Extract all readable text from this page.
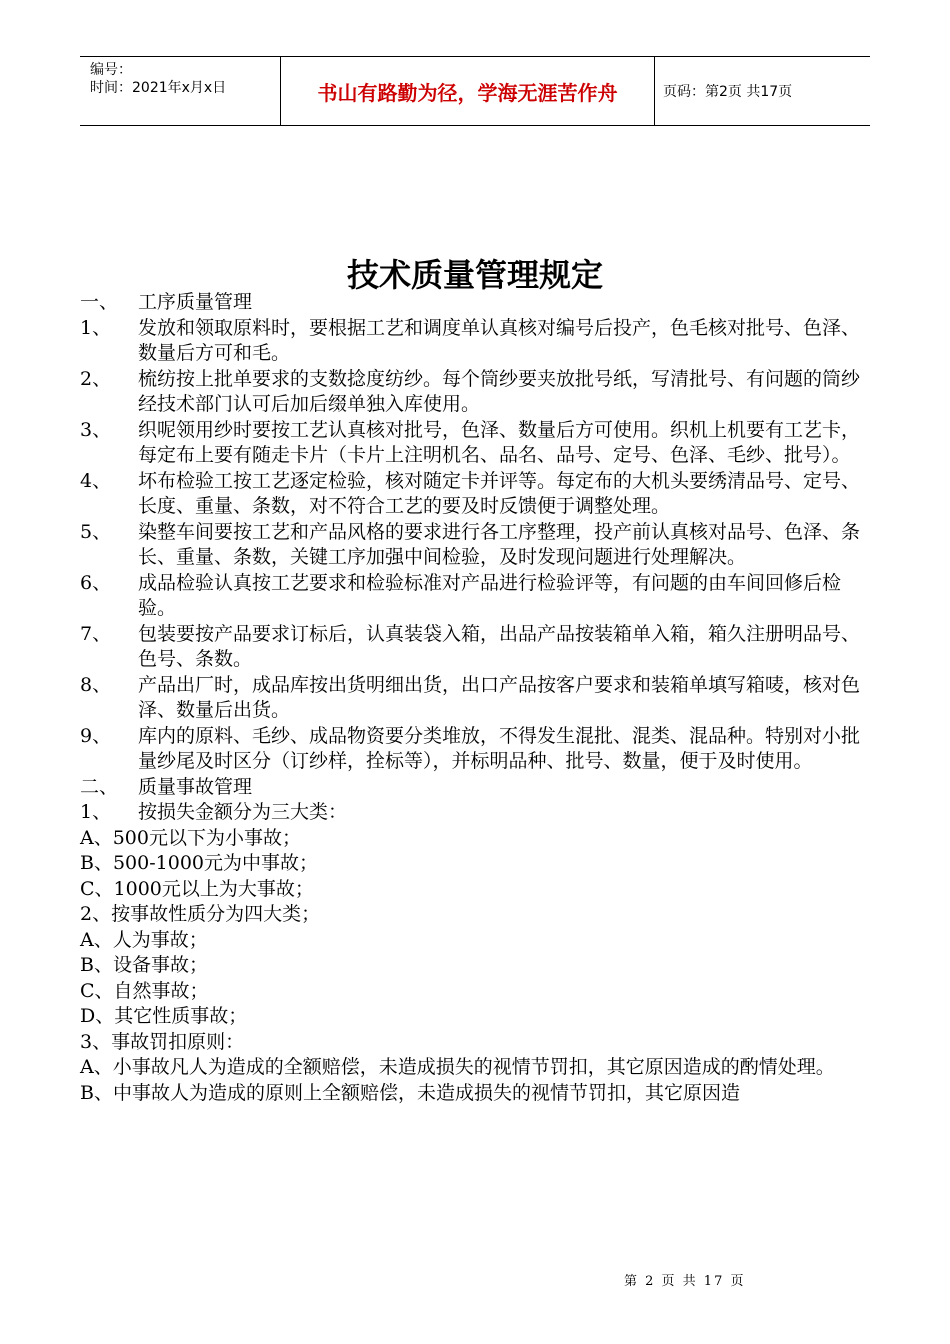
编号：
时间：2021年x月x日	书山有路勤为径，学海无涯苦作舟	页码：第2页 共17页
技术质量管理规定
一、	工序质量管理
1、	发放和领取原料时，要根据工艺和调度单认真核对编号后投产，色毛核对批号、色泽、数量后方可和毛。
2、	梳纺按上批单要求的支数捻度纺纱。每个筒纱要夹放批号纸，写清批号、有问题的筒纱经技术部门认可后加后缀单独入库使用。
3、	织呢领用纱时要按工艺认真核对批号，色泽、数量后方可使用。织机上机要有工艺卡，每定布上要有随走卡片（卡片上注明机名、品名、品号、定号、色泽、毛纱、批号）。
4、	坏布检验工按工艺逐定检验，核对随定卡并评等。每定布的大机头要绣清品号、定号、长度、重量、条数，对不符合工艺的要及时反馈便于调整处理。
5、	染整车间要按工艺和产品风格的要求进行各工序整理，投产前认真核对品号、色泽、条长、重量、条数，关键工序加强中间检验，及时发现问题进行处理解决。
6、	成品检验认真按工艺要求和检验标准对产品进行检验评等，有问题的由车间回修后检验。
7、	包装要按产品要求订标后，认真装袋入箱，出品产品按装箱单入箱，箱久注册明品号、色号、条数。
8、	产品出厂时，成品库按出货明细出货，出口产品按客户要求和装箱单填写箱唛，核对色泽、数量后出货。
9、	库内的原料、毛纱、成品物资要分类堆放，不得发生混批、混类、混品种。特别对小批量纱尾及时区分（订纱样，拴标等），并标明品种、批号、数量，便于及时使用。
二、	质量事故管理
1、	按损失金额分为三大类：
A、500元以下为小事故；
B、500-1000元为中事故；
C、1000元以上为大事故；
2、按事故性质分为四大类；
A、人为事故；
B、设备事故；
C、自然事故；
D、其它性质事故；
3、事故罚扣原则：
A、小事故凡人为造成的全额赔偿，未造成损失的视情节罚扣，其它原因造成的酌情处理。
B、中事故人为造成的原则上全额赔偿，未造成损失的视情节罚扣，其它原因造
第 2 页 共 17 页
